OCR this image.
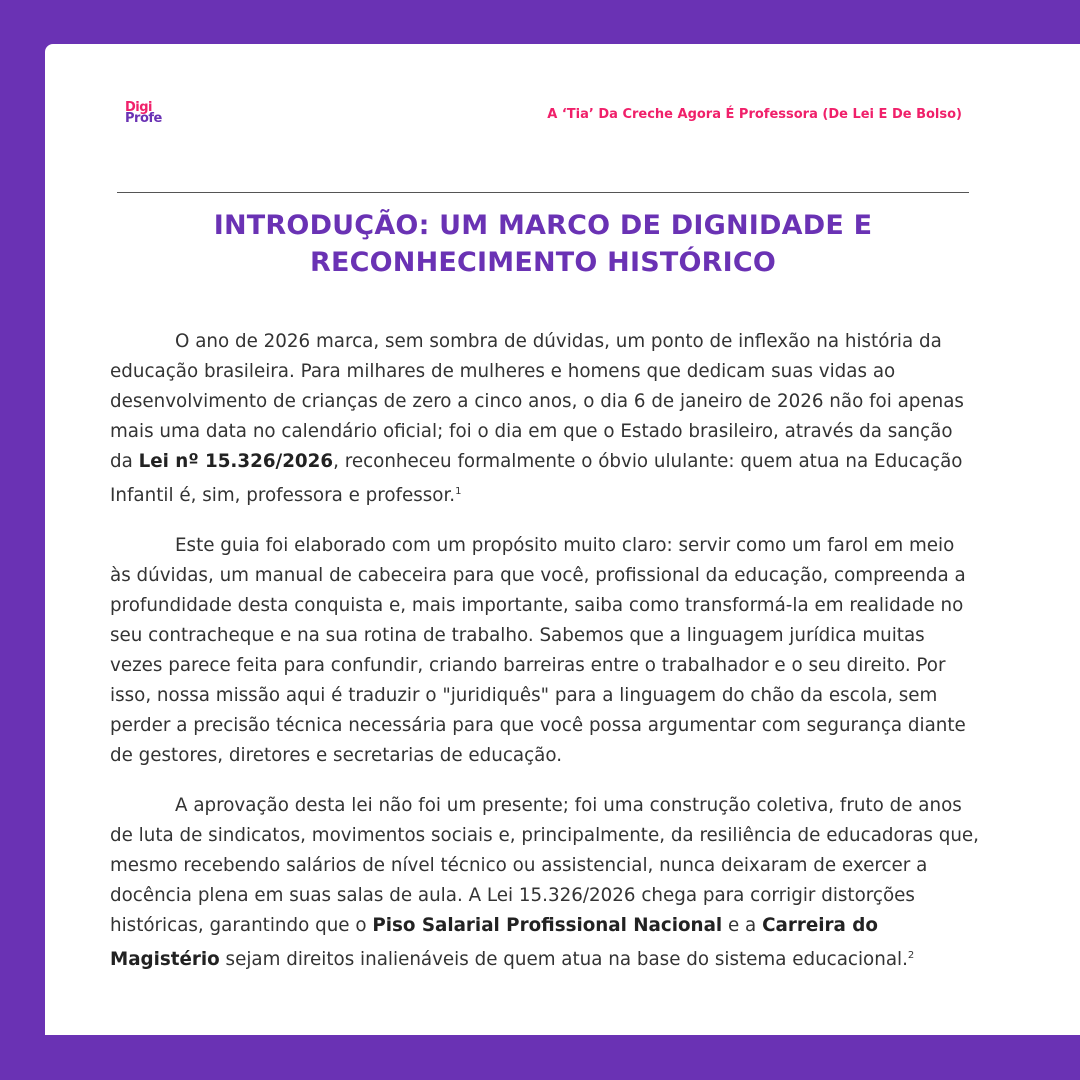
Digi
Profe	A ‘Tia’ Da Creche Agora É Professora (De Lei E De Bolso)
INTRODUÇÃO: UM MARCO DE DIGNIDADE E
RECONHECIMENTO HISTÓRICO

O ano de 2026 marca, sem sombra de dúvidas, um ponto de inflexão na história da educação brasileira. Para milhares de mulheres e homens que dedicam suas vidas ao desenvolvimento de crianças de zero a cinco anos, o dia 6 de janeiro de 2026 não foi apenas mais uma data no calendário oficial; foi o dia em que o Estado brasileiro, através da sanção da Lei nº 15.326/2026, reconheceu formalmente o óbvio ululante: quem atua na Educação Infantil é, sim, professora e professor.$^1$

Este guia foi elaborado com um propósito muito claro: servir como um farol em meio às dúvidas, um manual de cabeceira para que você, profissional da educação, compreenda a profundidade desta conquista e, mais importante, saiba como transformá-la em realidade no seu contracheque e na sua rotina de trabalho. Sabemos que a linguagem jurídica muitas vezes parece feita para confundir, criando barreiras entre o trabalhador e o seu direito. Por isso, nossa missão aqui é traduzir o "juridiquês" para a linguagem do chão da escola, sem perder a precisão técnica necessária para que você possa argumentar com segurança diante de gestores, diretores e secretarias de educação.

A aprovação desta lei não foi um presente; foi uma construção coletiva, fruto de anos de luta de sindicatos, movimentos sociais e, principalmente, da resiliência de educadoras que, mesmo recebendo salários de nível técnico ou assistencial, nunca deixaram de exercer a docência plena em suas salas de aula. A Lei 15.326/2026 chega para corrigir distorções históricas, garantindo que o Piso Salarial Profissional Nacional e a Carreira do Magistério sejam direitos inalienáveis de quem atua na base do sistema educacional.$^2$
